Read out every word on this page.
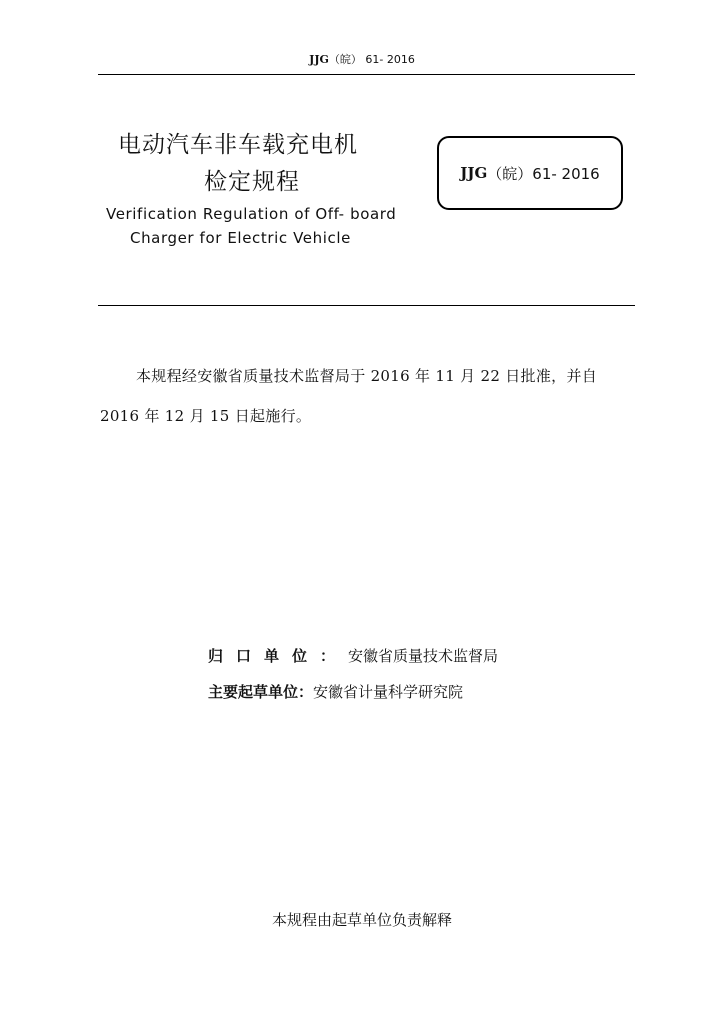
JJG（皖） 61- 2016
电动汽车非车载充电机
检定规程
Verification Regulation of Off- board
Charger for Electric Vehicle
JJG （皖）61- 2016
本规程经安徽省质量技术监督局于 2016 年 11 月 22 日批准，并自 2016 年 12 月 15 日起施行。
归口单位：安徽省质量技术监督局
主要起草单位：安徽省计量科学研究院
本规程由起草单位负责解释
